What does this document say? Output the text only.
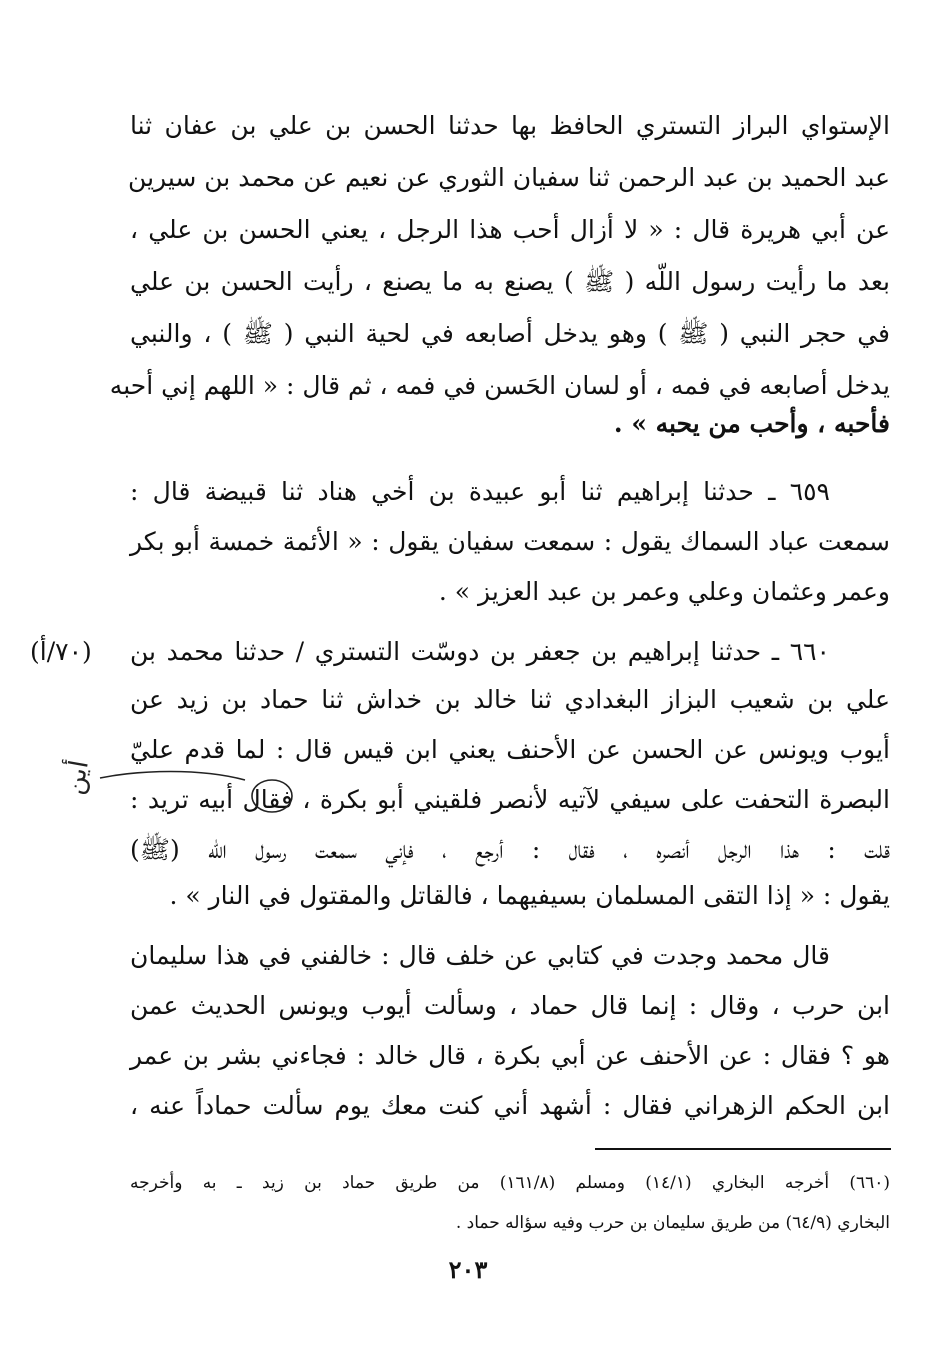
الإستواي البراز التستري الحافظ بها حدثنا الحسن بن علي بن عفان ثنا
عبد الحميد بن عبد الرحمن ثنا سفيان الثوري عن نعيم عن محمد بن سيرين
عن أبي هريرة قال : « لا أزال أحب هذا الرجل ، يعني الحسن بن علي ،
بعد ما رأيت رسول اللّه ( ﷺ ) يصنع به ما يصنع ، رأيت الحسن بن علي
في حجر النبي ( ﷺ ) وهو يدخل أصابعه في لحية النبي ( ﷺ ) ، والنبي
يدخل أصابعه في فمه ، أو لسان الحَسن في فمه ، ثم قال : « اللهم إني أحبه
فأحبه ، وأحب من يحبه » .
٦٥٩ ـ حدثنا إبراهيم ثنا أبو عبيدة بن أخي هناد ثنا قبيضة قال :
سمعت عباد السماك يقول : سمعت سفيان يقول : « الأئمة خمسة أبو بكر
وعمر وعثمان وعلي وعمر بن عبد العزيز » .
٦٦٠ ـ حدثنا إبراهيم بن جعفر بن دوسّت التستري / حدثنا محمد بن
(٧٠/أ)
علي بن شعيب البزاز البغدادي ثنا خالد بن خداش ثنا حماد بن زيد عن
أيوب ويونس عن الحسن عن الأحنف يعني ابن قيس قال : لما قدم عليّ
البصرة التحفت على سيفي لآتيه لأنصر فلقيني أبو بكرة ، فقال أبيه تريد :
قلت : هذا الرجل أنصره ، فقال : أرجع ، فإني سمعت رسول اللّه (ﷺ)
يقول : « إذا التقى المسلمان بسيفيهما ، فالقاتل والمقتول في النار » .
قال محمد وجدت في كتابي عن خلف قال : خالفني في هذا سليمان
ابن حرب ، وقال : إنما قال حماد ، وسألت أيوب ويونس الحديث عمن
هو ؟ فقال : عن الأحنف عن أبي بكرة ، قال خالد : فجاءني بشر بن عمر
ابن الحكم الزهراني فقال : أشهد أني كنت معك يوم سألت حماداً عنه ،
(٦٦٠) أخرجه البخاري (١٤/١) ومسلم (١٦١/٨) من طريق حماد بن زيد ـ به وأخرجه
البخاري (٦٤/٩) من طريق سليمان بن حرب وفيه سؤاله حماد .
٢٠٣
أين
